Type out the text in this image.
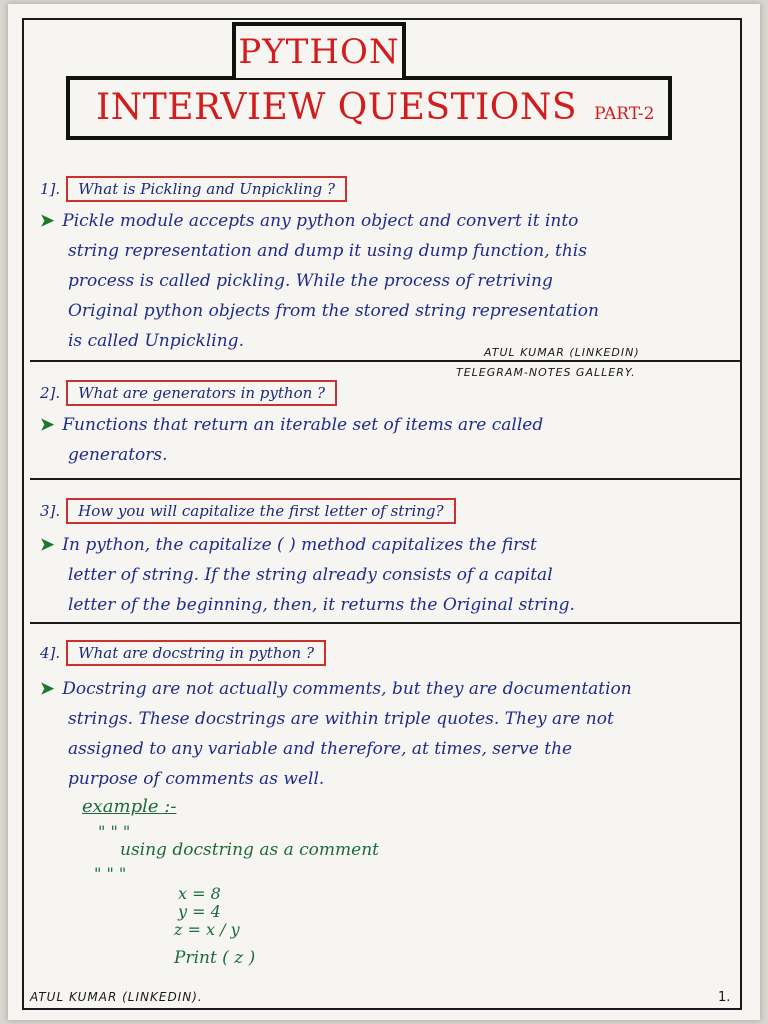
INTERVIEW QUESTIONS PART-2
PYTHON
1].	What is Pickling and Unpickling ?
➤ Pickle module accepts any python object and convert it into
string representation and dump it using dump function, this
process is called pickling. While the process of retriving
Original python objects from the stored string representation
is called Unpickling.
ATUL KUMAR (LINKEDIN)
TELEGRAM-NOTES GALLERY.
2].	What are generators in python ?
➤ Functions that return an iterable set of items are called
generators.
3].	How you will capitalize the first letter of string?
➤ In python, the capitalize ( ) method capitalizes the first
letter of string. If the string already consists of a capital
letter of the beginning, then, it returns the Original string.
4].	What are docstring in python ?
➤ Docstring are not actually comments, but they are documentation
strings. These docstrings are within triple quotes. They are not
assigned to any variable and therefore, at times, serve the
purpose of comments as well.
example :-
" " "
using docstring as a comment
" " "
x = 8
y = 4
z = x / y
Print ( z )
ATUL KUMAR (LINKEDIN).	1.
